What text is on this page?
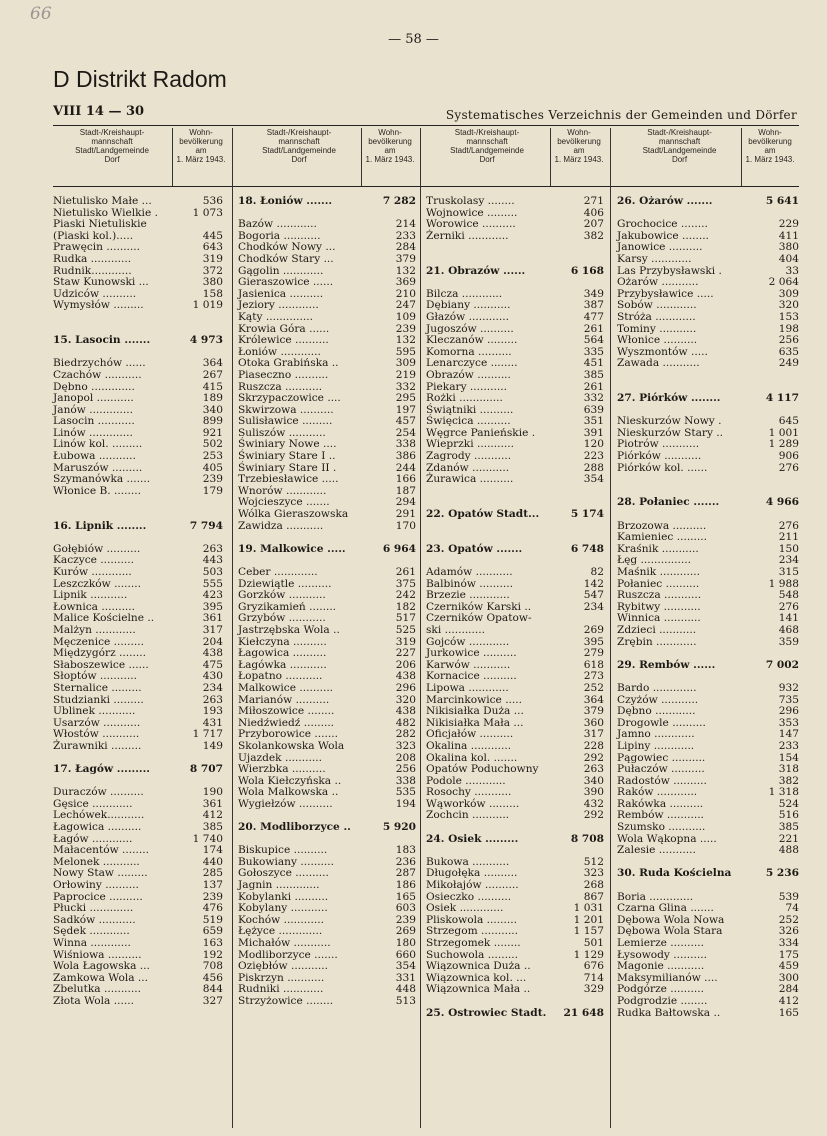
66
— 58 —
D Distrikt Radom
VIII 14 — 30	Systematisches Verzeichnis der Gemeinden und Dörfer
Stadt-/Kreishaupt-
mannschaft
Stadt/Landgemeinde
Dorf
Wohn-
bevölkerung
am
1. März 1943.
Stadt-/Kreishaupt-
mannschaft
Stadt/Landgemeinde
Dorf
Wohn-
bevölkerung
am
1. März 1943.
Stadt-/Kreishaupt-
mannschaft
Stadt/Landgemeinde
Dorf
Wohn-
bevölkerung
am
1. März 1943.
Stadt-/Kreishaupt-
mannschaft
Stadt/Landgemeinde
Dorf
Wohn-
bevölkerung
am
1. März 1943.
Nietulisko Małe ...	536
Nietulisko Wielkie .	1 073
Piaski Nietuliskie
(Piaski kol.).....	445
Prawęcin ..........	643
Rudka ............	319
Rudnik............	372
Staw Kunowski ...	380
Udziców ..........	158
Wymysłów .........	1 019
15. Lasocin .......	4 973
Biedrzychów ......	364
Czachów ...........	267
Dębno .............	415
Janopol ...........	189
Janów .............	340
Lasocin ...........	899
Linów .............	921
Linów kol. .........	502
Łubowa ...........	253
Maruszów .........	405
Szymanówka .......	239
Włonice B. ........	179
16. Lipnik ........	7 794
Gołębiów ..........	263
Kaczyce ..........	443
Kurów ............	503
Leszczków ........	555
Lipnik ...........	423
Łownica ..........	395
Malice Kościelne ..	361
Malżyn ............	317
Męczenice .........	204
Międzygórz ........	438
Słaboszewice ......	475
Słoptów ...........	430
Sternalice .........	234
Studzianki .........	263
Ublinek ...........	193
Usarzów ...........	431
Włostów ...........	1 717
Żurawniki .........	149
17. Łagów .........	8 707
Duraczów ..........	190
Gęsice ............	361
Lechówek...........	412
Łagowica ..........	385
Łagów ............	1 740
Małacentów ........	174
Melonek ...........	440
Nowy Staw .........	285
Orłowiny ..........	137
Paprocice ..........	239
Płucki .............	476
Sadków ...........	519
Sędek ............	659
Winna ............	163
Wiśniowa ..........	192
Wola Łagowska ...	708
Zamkowa Wola ...	456
Zbelutka ...........	844
Złota Wola ......	327
18. Łoniów .......	7 282
Bazów ............	214
Bogoria ...........	233
Chodków Nowy ...	284
Chodków Stary ...	379
Gągolin ............	132
Gieraszowice ......	369
Jasienica ..........	210
Jeziory ............	247
Kąty ..............	109
Krowia Góra ......	239
Królewice ..........	132
Łoniów ............	595
Otoka Grabińska ..	309
Piaseczno ..........	219
Ruszcza ...........	332
Skrzypaczowice ....	295
Skwirzowa ..........	197
Sulisławice .........	457
Suliszów ...........	254
Świniary Nowe ....	338
Świniary Stare I ..	386
Świniary Stare II .	244
Trzebiesławice .....	166
Wnorów ............	187
Wojcieszyce .......	294
Wólka Gieraszowska	291
Zawidza ...........	170
19. Malkowice .....	6 964
Ceber .............	261
Dziewiątle ..........	375
Gorzków ...........	242
Gryzikamień ........	182
Grzybów ...........	517
Jastrzębska Wola ..	525
Kiełczyna ..........	319
Łagowica ..........	227
Łagówka ...........	206
Łopatno ...........	438
Malkowice ..........	296
Marianów ..........	320
Miłoszowice ........	438
Niedźwiedź .........	482
Przyborowice .......	282
Skolankowska Wola	323
Ujazdek ...........	208
Wierzbka ..........	256
Wola Kiełczyńska ..	338
Wola Malkowska ..	535
Wygiełzów ..........	194
20. Modliborzyce ..	5 920
Biskupice ..........	183
Bukowiany ..........	236
Gołoszyce ..........	287
Jagnin .............	186
Kobylanki ..........	165
Kobylany ...........	603
Kochów ............	239
Łężyce .............	269
Michałów ...........	180
Modliborzyce .......	660
Oziębłów ...........	354
Piskrzyn ...........	331
Rudniki ............	448
Strzyżowice ........	513
Truskolasy ........	271
Wojnowice .........	406
Worowice ..........	207
Żerniki ............	382
21. Obrazów ......	6 168
Bilcza ............	349
Dębiany ...........	387
Głazów ............	477
Jugoszów ..........	261
Kleczanów .........	564
Komorna ..........	335
Lenarczyce ........	451
Obrazów ..........	385
Piekary ...........	261
Rożki .............	332
Świątniki ..........	639
Święcica ..........	351
Węgrce Panieńskie .	391
Wieprzki ...........	120
Zagrody ...........	223
Zdanów ...........	288
Żurawica ..........	354
22. Opatów Stadt...	5 174
23. Opatów .......	6 748
Adamów ...........	82
Balbinów ..........	142
Brzezie ............	547
Czerników Karski ..	234
Czerników Opatow-
ski ............	269
Gojców ............	395
Jurkowice ..........	279
Karwów ...........	618
Kornacice ..........	273
Lipowa ............	252
Marcinkowice .....	364
Nikisiałka Duża ...	379
Nikisiałka Mała ...	360
Oficjałów ..........	317
Okalina ............	228
Okalina kol. .......	292
Opatów Poduchowny	263
Podole ............	340
Rosochy ...........	390
Wąworków .........	432
Zochcin ...........	292
24. Osiek .........	8 708
Bukowa ...........	512
Długołęka ..........	323
Mikołajów ..........	268
Osieczko ..........	867
Osiek .............	1 031
Pliskowola .........	1 201
Strzegom ...........	1 157
Strzegomek ........	501
Suchowola .........	1 129
Wiązownica Duża ..	676
Wiązownica kol. ...	714
Wiązownica Mała ..	329
25. Ostrowiec Stadt. 21 648
26. Ożarów .......	5 641
Grochocice ........	229
Jakubowice ........	411
Janowice ..........	380
Karsy ............	404
Las Przybysławski .	33
Ożarów ...........	2 064
Przybysławice .....	309
Sobów ............	320
Stróża ............	153
Tominy ...........	198
Włonice ..........	256
Wyszmontów .....	635
Zawada ...........	249
27. Piórków ........	4 117
Nieskurzów Nowy .	645
Nieskurzów Stary ..	1 001
Piotrów ...........	1 289
Piórków ...........	906
Piórków kol. ......	276
28. Połaniec .......	4 966
Brzozowa ..........	276
Kamieniec .........	211
Kraśnik ...........	150
Łęg ...............	234
Maśnik ............	315
Połaniec ..........	1 988
Ruszcza ...........	548
Rybitwy ...........	276
Winnica ...........	141
Zdzieci ...........	468
Zrębin ............	359
29. Rembów ......	7 002
Bardo .............	932
Czyżów ...........	735
Dębno ............	296
Drogowle ..........	353
Jamno ............	147
Lipiny ............	233
Pągowiec ..........	154
Pułaczów ..........	318
Radostów ..........	382
Raków ............	1 318
Rakówka ..........	524
Rembów ...........	516
Szumsko ...........	385
Wola Wąkopna .....	221
Zalesie ...........	488
30. Ruda Kościelna	5 236
Boria .............	539
Czarna Glina .......	74
Dębowa Wola Nowa	252
Dębowa Wola Stara	326
Lemierze ..........	334
Łysowody ..........	175
Magonie ...........	459
Maksymilianów ....	300
Podgórze ..........	284
Podgrodzie ........	412
Rudka Bałtowska ..	165
